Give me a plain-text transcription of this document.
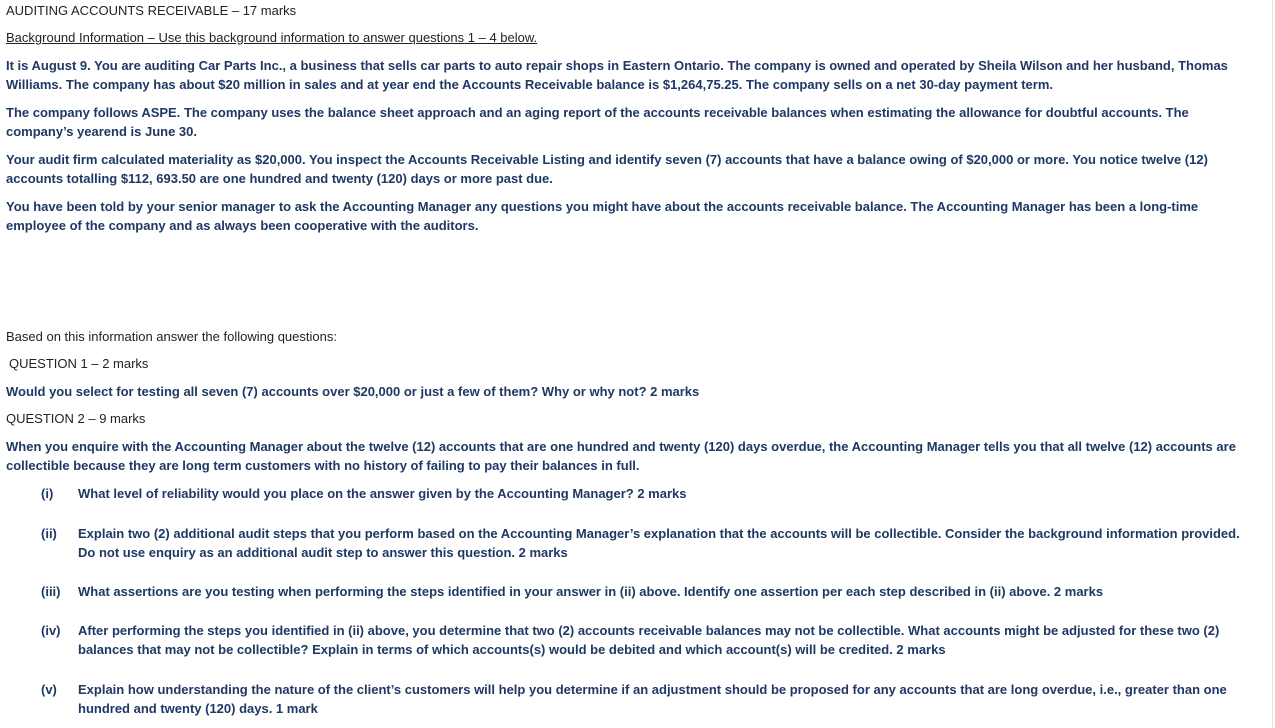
AUDITING ACCOUNTS RECEIVABLE – 17 marks
Background Information – Use this background information to answer questions 1 – 4 below.
It is August 9. You are auditing Car Parts Inc., a business that sells car parts to auto repair shops in Eastern Ontario. The company is owned and operated by Sheila Wilson and her husband, Thomas Williams. The company has about $20 million in sales and at year end the Accounts Receivable balance is $1,264,75.25. The company sells on a net 30-day payment term.
The company follows ASPE. The company uses the balance sheet approach and an aging report of the accounts receivable balances when estimating the allowance for doubtful accounts. The company’s yearend is June 30.
Your audit firm calculated materiality as $20,000. You inspect the Accounts Receivable Listing and identify seven (7) accounts that have a balance owing of $20,000 or more. You notice twelve (12) accounts totalling $112, 693.50 are one hundred and twenty (120) days or more past due.
You have been told by your senior manager to ask the Accounting Manager any questions you might have about the accounts receivable balance. The Accounting Manager has been a long-time employee of the company and as always been cooperative with the auditors.
Based on this information answer the following questions:
QUESTION 1 – 2 marks
Would you select for testing all seven (7) accounts over $20,000 or just a few of them? Why or why not? 2 marks
QUESTION 2 – 9 marks
When you enquire with the Accounting Manager about the twelve (12) accounts that are one hundred and twenty (120) days overdue, the Accounting Manager tells you that all twelve (12) accounts are collectible because they are long term customers with no history of failing to pay their balances in full.
(i) What level of reliability would you place on the answer given by the Accounting Manager? 2 marks
(ii) Explain two (2) additional audit steps that you perform based on the Accounting Manager’s explanation that the accounts will be collectible. Consider the background information provided. Do not use enquiry as an additional audit step to answer this question. 2 marks
(iii) What assertions are you testing when performing the steps identified in your answer in (ii) above. Identify one assertion per each step described in (ii) above. 2 marks
(iv) After performing the steps you identified in (ii) above, you determine that two (2) accounts receivable balances may not be collectible. What accounts might be adjusted for these two (2) balances that may not be collectible? Explain in terms of which accounts(s) would be debited and which account(s) will be credited. 2 marks
(v) Explain how understanding the nature of the client’s customers will help you determine if an adjustment should be proposed for any accounts that are long overdue, i.e., greater than one hundred and twenty (120) days. 1 mark
